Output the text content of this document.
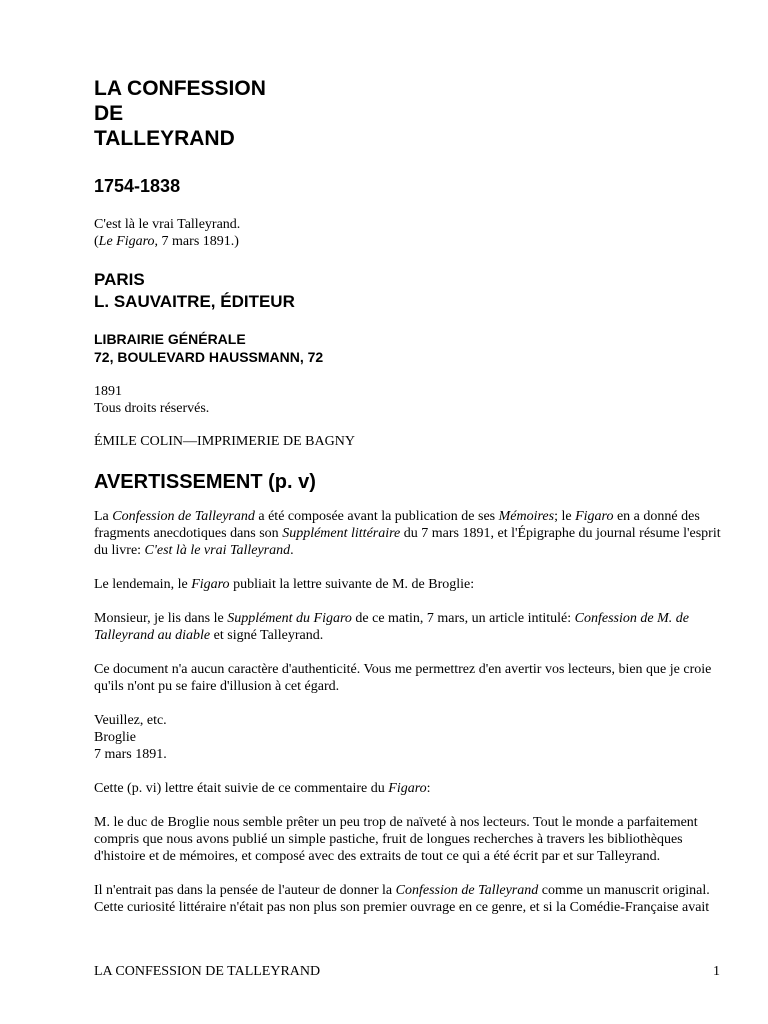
LA CONFESSION
DE
TALLEYRAND
1754-1838

C'est là le vrai Talleyrand.
(Le Figaro, 7 mars 1891.)

PARIS
L. SAUVAITRE, ÉDITEUR
LIBRAIRIE GÉNÉRALE
72, BOULEVARD HAUSSMANN, 72

1891
Tous droits réservés.

ÉMILE COLIN—IMPRIMERIE DE BAGNY

AVERTISSEMENT (p. v)

La Confession de Talleyrand a été composée avant la publication de ses Mémoires; le Figaro en a donné des fragments anecdotiques dans son Supplément littéraire du 7 mars 1891, et l'Épigraphe du journal résume l'esprit du livre: C'est là le vrai Talleyrand.

Le lendemain, le Figaro publiait la lettre suivante de M. de Broglie:

Monsieur, je lis dans le Supplément du Figaro de ce matin, 7 mars, un article intitulé: Confession de M. de Talleyrand au diable et signé Talleyrand.

Ce document n'a aucun caractère d'authenticité. Vous me permettrez d'en avertir vos lecteurs, bien que je croie qu'ils n'ont pu se faire d'illusion à cet égard.

Veuillez, etc.
Broglie
7 mars 1891.

Cette (p. vi) lettre était suivie de ce commentaire du Figaro:

M. le duc de Broglie nous semble prêter un peu trop de naïveté à nos lecteurs. Tout le monde a parfaitement compris que nous avons publié un simple pastiche, fruit de longues recherches à travers les bibliothèques d'histoire et de mémoires, et composé avec des extraits de tout ce qui a été écrit par et sur Talleyrand.

Il n'entrait pas dans la pensée de l'auteur de donner la Confession de Talleyrand comme un manuscrit original. Cette curiosité littéraire n'était pas non plus son premier ouvrage en ce genre, et si la Comédie-Française avait

LA CONFESSION DE TALLEYRAND	1
